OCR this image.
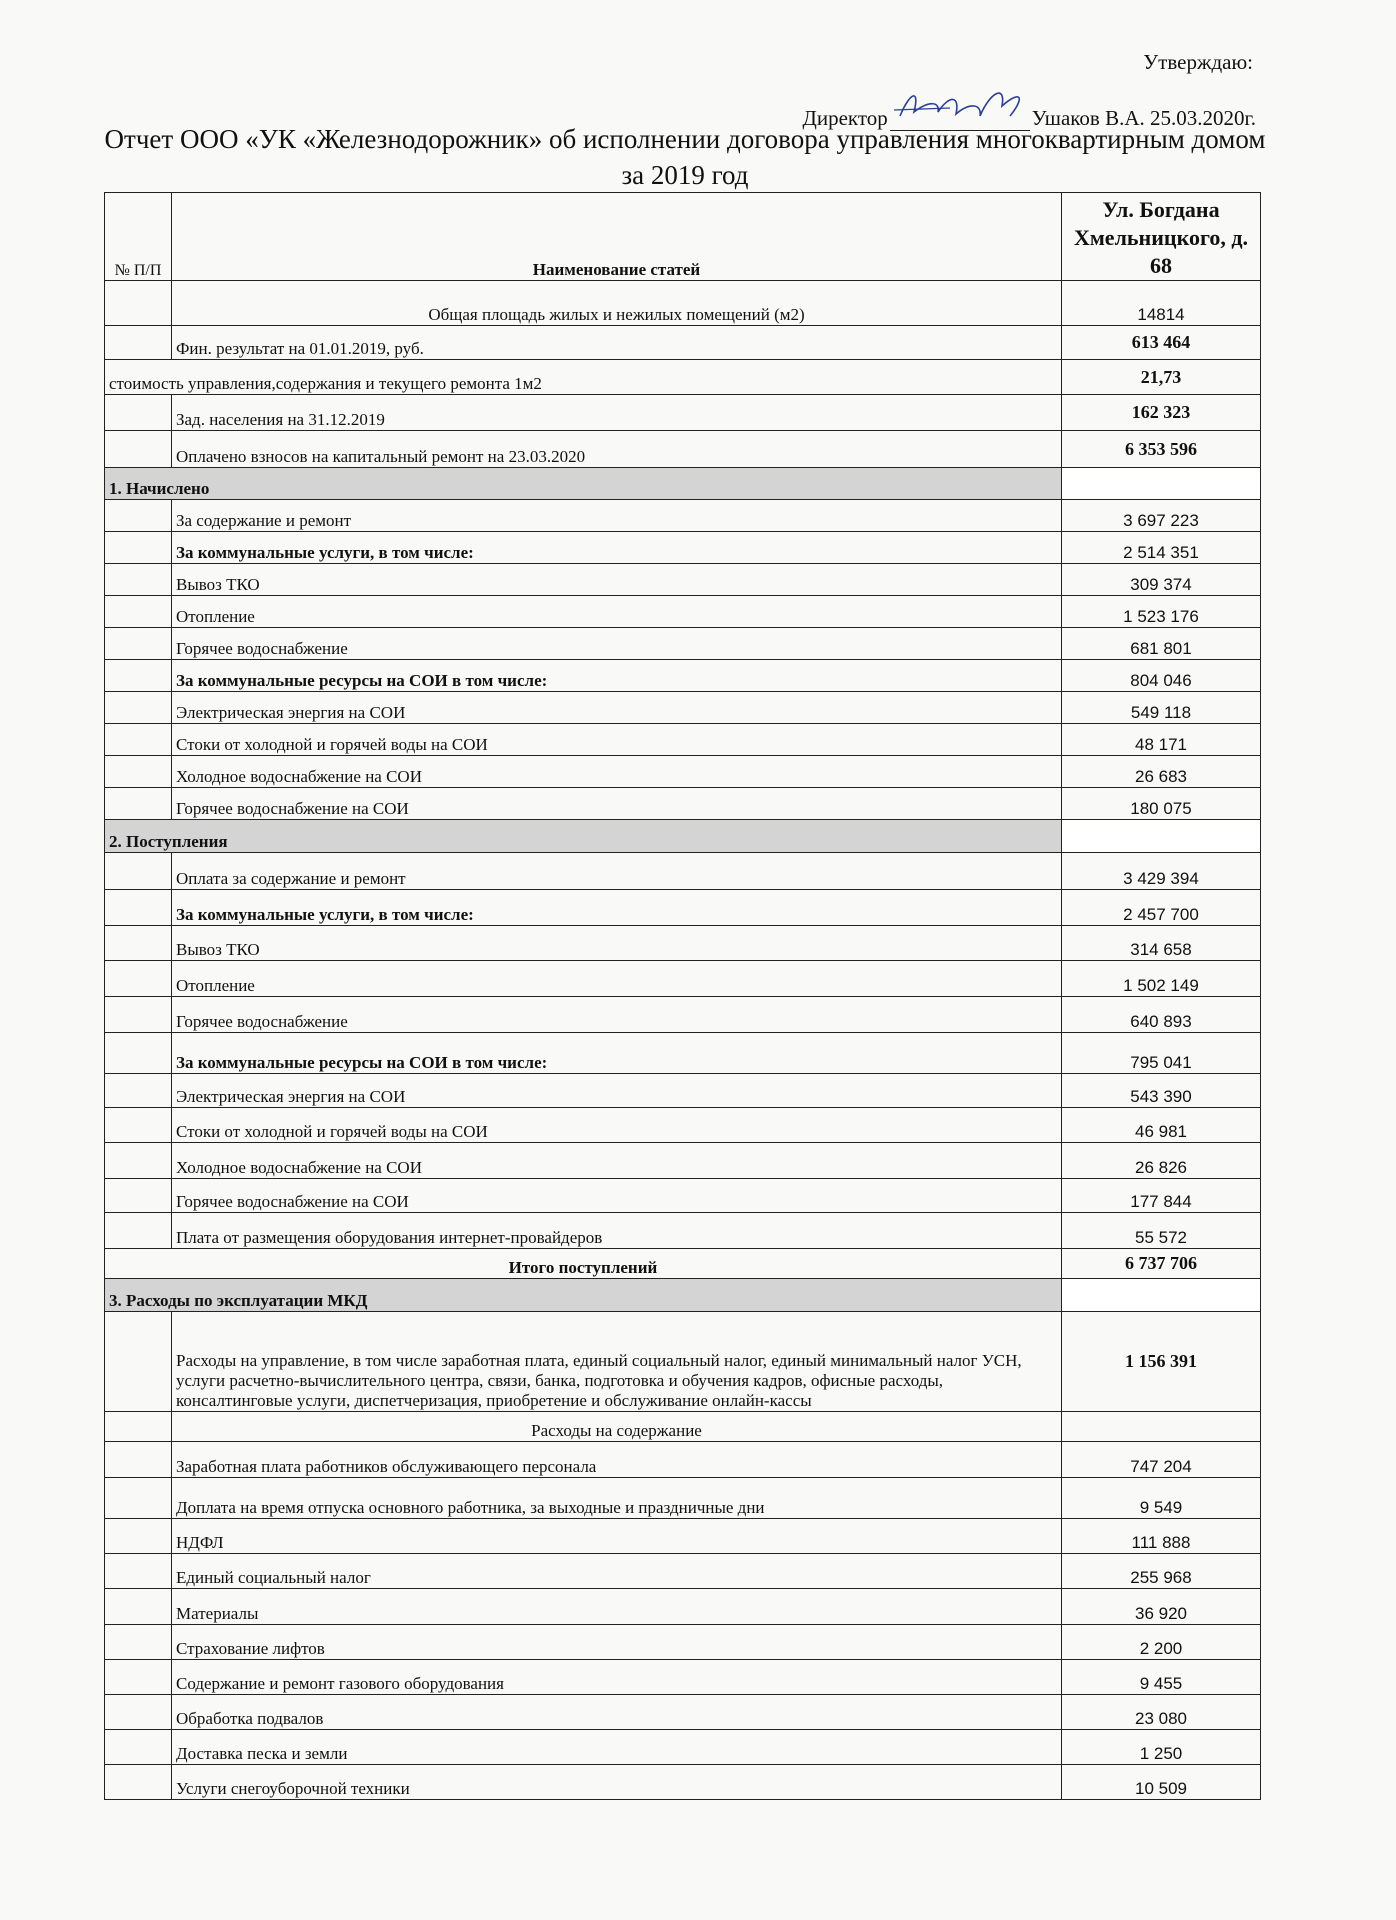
Утверждаю:
Директор	Ушаков В.А. 25.03.2020г.
Отчет ООО «УК «Железнодорожник» об исполнении договора управления многоквартирным домом за 2019 год
№ П/П	Наименование статей	Ул. Богдана Хмельницкого, д. 68
	Общая площадь жилых и нежилых помещений (м2)	14814
	Фин. результат на 01.01.2019, руб.	613 464
стоимость управления,содержания и текущего ремонта 1м2		21,73
	Зад. населения на 31.12.2019	162 323
	Оплачено взносов на капитальный ремонт на 23.03.2020	6 353 596
1. Начислено		
	За содержание и ремонт	3 697 223
	За коммунальные услуги, в том числе:	2 514 351
	Вывоз ТКО	309 374
	Отопление	1 523 176
	Горячее водоснабжение	681 801
	За коммунальные ресурсы на СОИ в том числе:	804 046
	Электрическая энергия на СОИ	549 118
	Стоки от холодной и горячей воды на СОИ	48 171
	Холодное водоснабжение на СОИ	26 683
	Горячее водоснабжение на СОИ	180 075
2. Поступления		
	Оплата за содержание и ремонт	3 429 394
	За коммунальные услуги, в том числе:	2 457 700
	Вывоз ТКО	314 658
	Отопление	1 502 149
	Горячее водоснабжение	640 893
	За коммунальные ресурсы на СОИ в том числе:	795 041
	Электрическая энергия на СОИ	543 390
	Стоки от холодной и горячей воды на СОИ	46 981
	Холодное водоснабжение на СОИ	26 826
	Горячее водоснабжение на СОИ	177 844
	Плата от размещения оборудования интернет-провайдеров	55 572
Итого поступлений		6 737 706
3. Расходы по эксплуатации МКД		
	Расходы на управление, в том числе заработная плата, единый социальный налог, единый минимальный налог УСН, услуги расчетно-вычислительного центра, связи, банка, подготовка и обучения кадров, офисные расходы, консалтинговые услуги, диспетчеризация, приобретение и обслуживание онлайн-кассы	1 156 391
	Расходы на содержание	
	Заработная плата работников обслуживающего персонала	747 204
	Доплата на время отпуска основного работника, за выходные и праздничные дни	9 549
	НДФЛ	111 888
	Единый социальный налог	255 968
	Материалы	36 920
	Страхование лифтов	2 200
	Содержание и ремонт газового оборудования	9 455
	Обработка подвалов	23 080
	Доставка песка и земли	1 250
	Услуги снегоуборочной техники	10 509
